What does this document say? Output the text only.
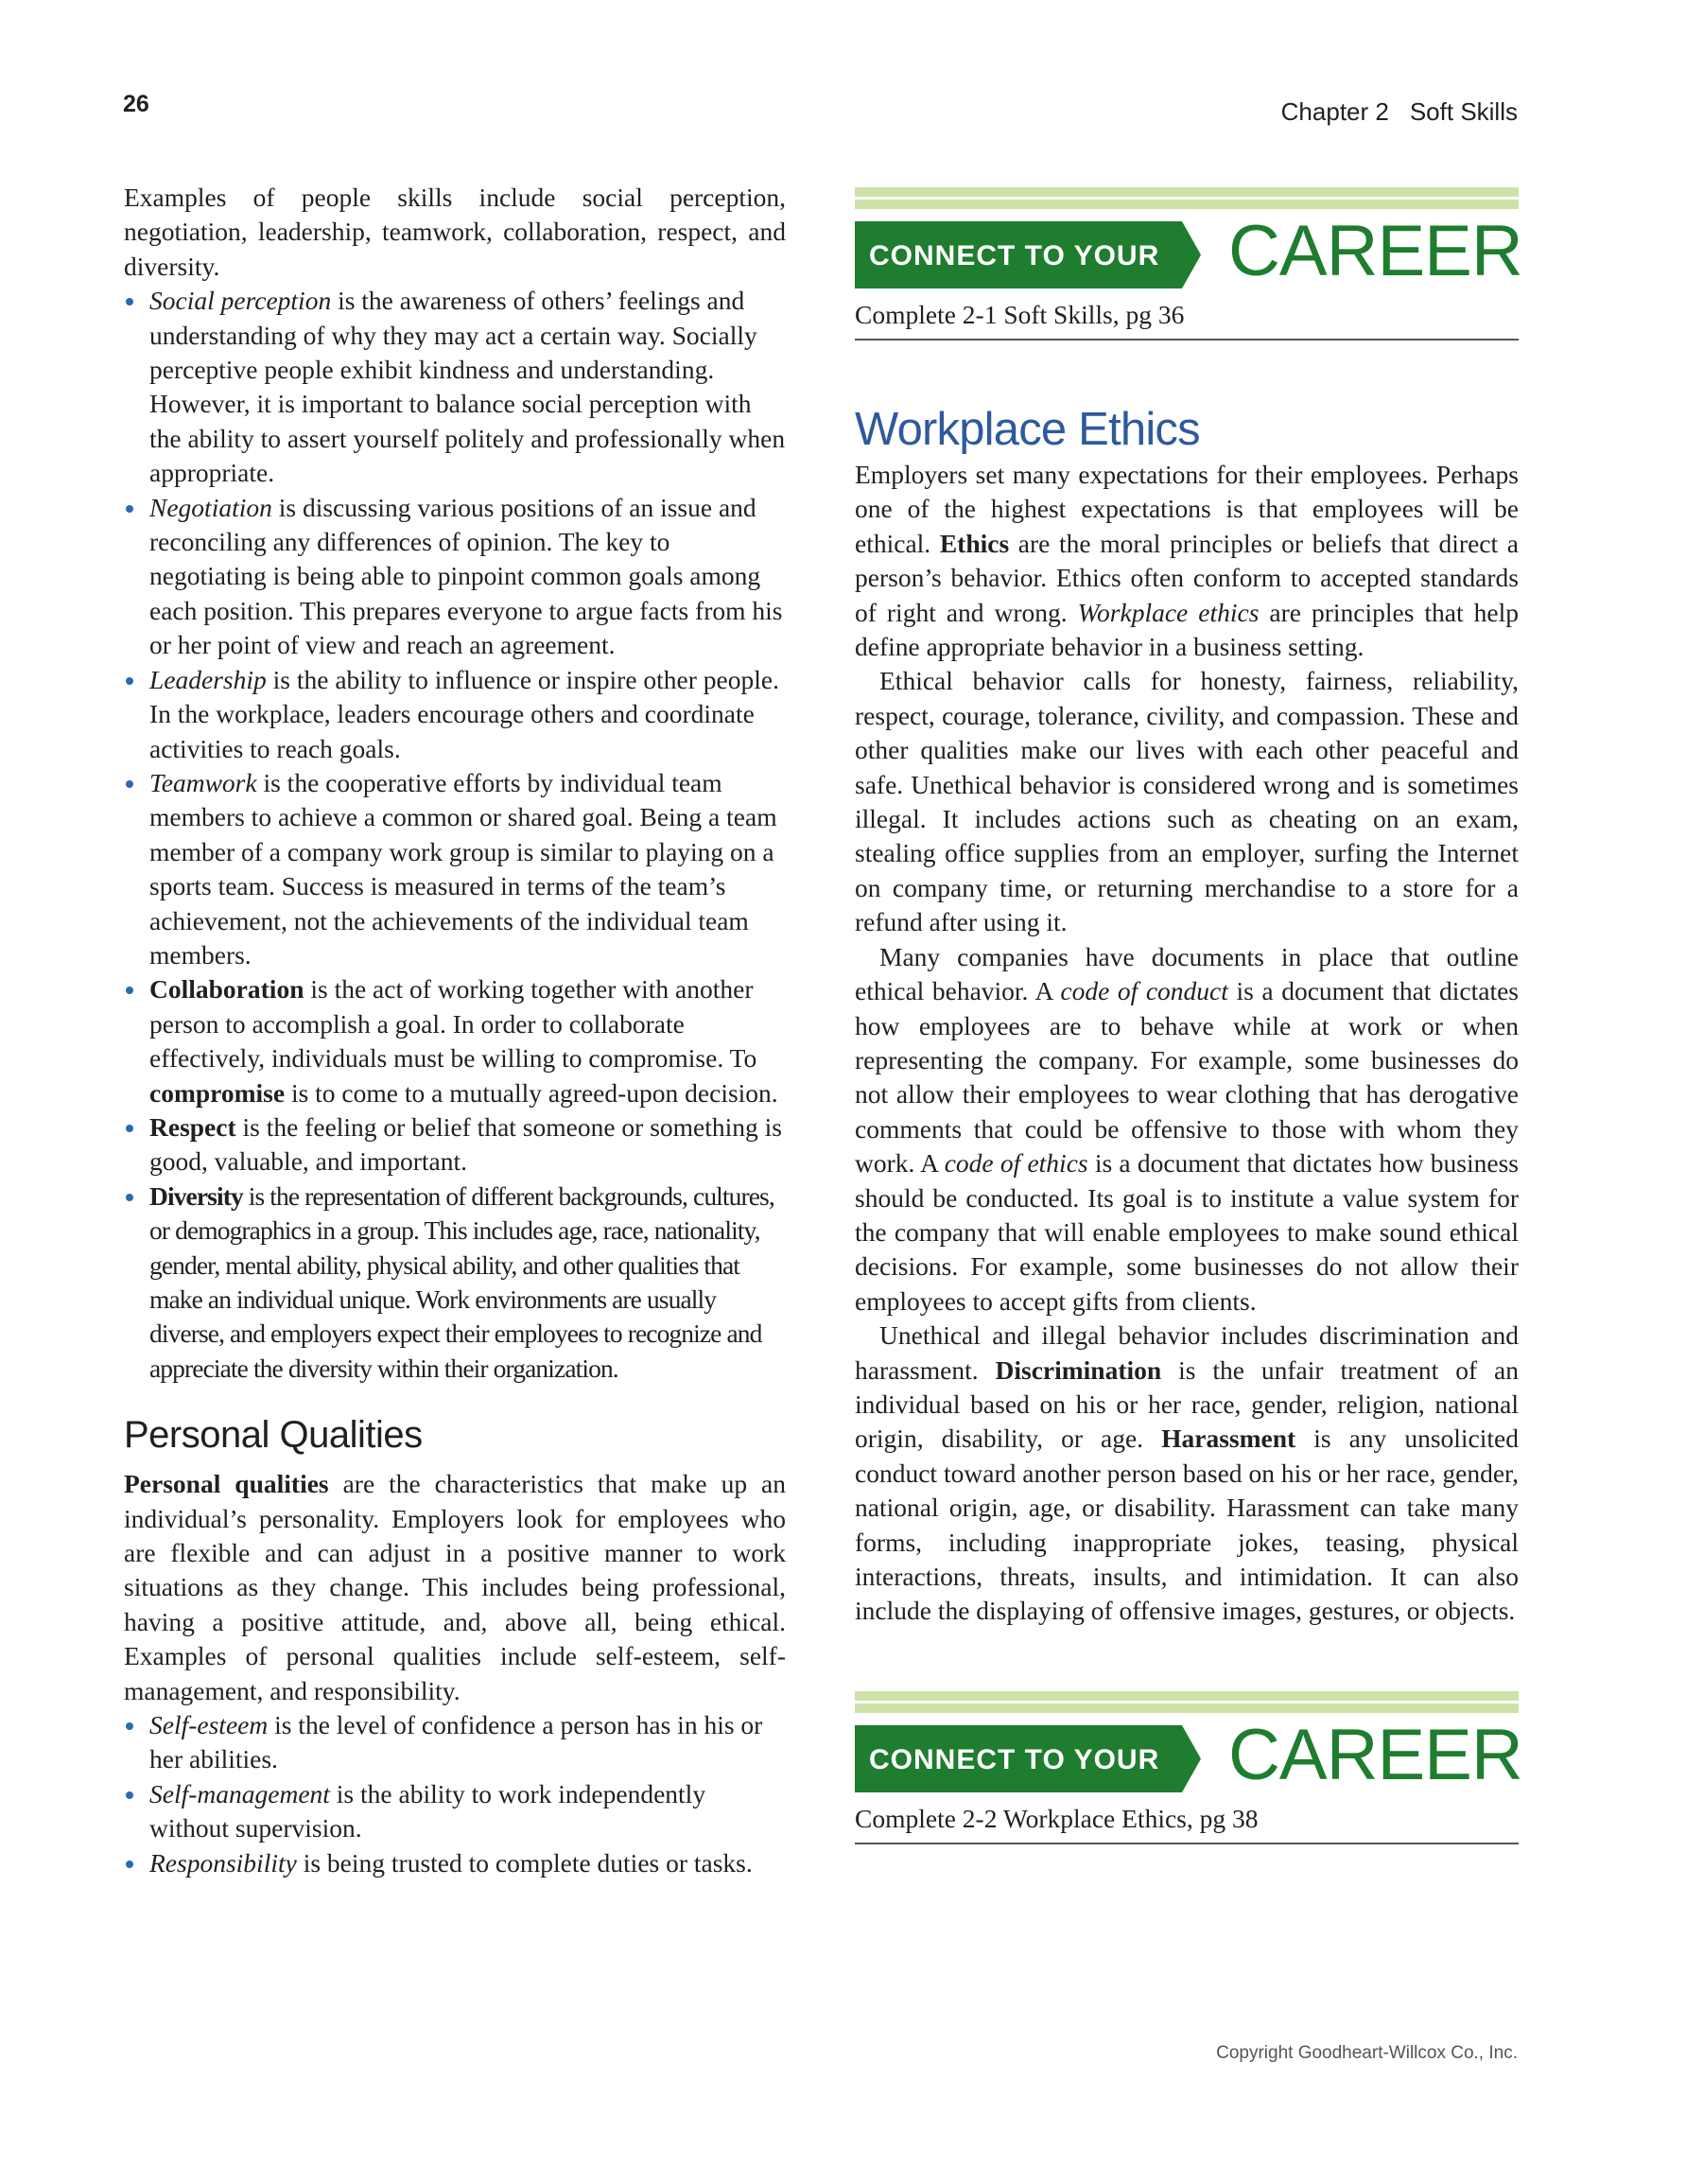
26	Chapter 2 Soft Skills

Examples of people skills include social perception, negotiation, leadership, teamwork, collaboration, respect, and diversity.

Social perception is the awareness of others’ feelings and understanding of why they may act a certain way. Socially perceptive people exhibit kindness and understanding. However, it is important to balance social perception with the ability to assert yourself politely and professionally when appropriate.
Negotiation is discussing various positions of an issue and reconciling any differences of opinion. The key to negotiating is being able to pinpoint common goals among each position. This prepares everyone to argue facts from his or her point of view and reach an agreement.
Leadership is the ability to influence or inspire other people. In the workplace, leaders encourage others and coordinate activities to reach goals.
Teamwork is the cooperative efforts by individual team members to achieve a common or shared goal. Being a team member of a company work group is similar to playing on a sports team. Success is measured in terms of the team’s achievement, not the achievements of the individual team members.
Collaboration is the act of working together with another person to accomplish a goal. In order to collaborate effectively, individuals must be willing to compromise. To compromise is to come to a mutually agreed-upon decision.
Respect is the feeling or belief that someone or something is good, valuable, and important.
Diversity is the representation of different backgrounds, cultures, or demographics in a group. This includes age, race, nationality, gender, mental ability, physical ability, and other qualities that make an individual unique. Work environments are usually diverse, and employers expect their employees to recognize and appreciate the diversity within their organization.
Personal Qualities

Personal qualities are the characteristics that make up an individual’s personality. Employers look for employees who are flexible and can adjust in a positive manner to work situations as they change. This includes being professional, having a positive attitude, and, above all, being ethical. Examples of personal qualities include self-esteem, self-management, and responsibility.

Self-esteem is the level of confidence a person has in his or her abilities.
Self-management is the ability to work independently without supervision.
Responsibility is being trusted to complete duties or tasks.
CONNECT TO YOUR CAREER
Complete 2-1 Soft Skills, pg 36
Workplace Ethics

Employers set many expectations for their employees. Perhaps one of the highest expectations is that employees will be ethical. Ethics are the moral principles or beliefs that direct a person’s behavior. Ethics often conform to accepted standards of right and wrong. Workplace ethics are principles that help define appropriate behavior in a business setting.

Ethical behavior calls for honesty, fairness, reliability, respect, courage, tolerance, civility, and compassion. These and other qualities make our lives with each other peaceful and safe. Unethical behavior is considered wrong and is sometimes illegal. It includes actions such as cheating on an exam, stealing office supplies from an employer, surfing the Internet on company time, or returning merchandise to a store for a refund after using it.

Many companies have documents in place that outline ethical behavior. A code of conduct is a document that dictates how employees are to behave while at work or when representing the company. For example, some businesses do not allow their employees to wear clothing that has derogative comments that could be offensive to those with whom they work. A code of ethics is a document that dictates how business should be conducted. Its goal is to institute a value system for the company that will enable employees to make sound ethical decisions. For example, some businesses do not allow their employees to accept gifts from clients.

Unethical and illegal behavior includes discrimination and harassment. Discrimination is the unfair treatment of an individual based on his or her race, gender, religion, national origin, disability, or age. Harassment is any unsolicited conduct toward another person based on his or her race, gender, national origin, age, or disability. Harassment can take many forms, including inappropriate jokes, teasing, physical interactions, threats, insults, and intimidation. It can also include the displaying of offensive images, gestures, or objects.

CONNECT TO YOUR CAREER
Complete 2-2 Workplace Ethics, pg 38
Copyright Goodheart-Willcox Co., Inc.
